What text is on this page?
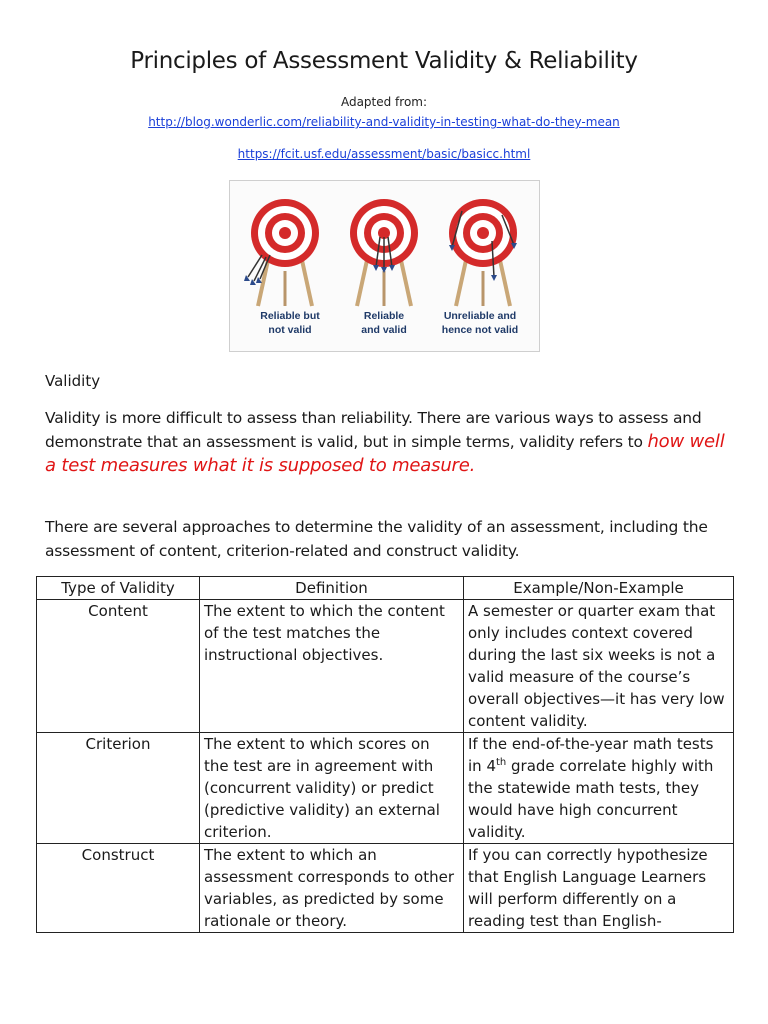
Principles of Assessment Validity & Reliability
Adapted from:
http://blog.wonderlic.com/reliability-and-validity-in-testing-what-do-they-mean
https://fcit.usf.edu/assessment/basic/basicc.html
Reliable but
not valid
Reliable
and valid
Unreliable and
hence not valid
Validity
Validity is more difficult to assess than reliability. There are various ways to assess and demonstrate that an assessment is valid, but in simple terms, validity refers to how well a test measures what it is supposed to measure.
There are several approaches to determine the validity of an assessment, including the assessment of content, criterion-related and construct validity.
Type of Validity	Definition	Example/Non-Example
Content	The extent to which the content of the test matches the instructional objectives.	A semester or quarter exam that only includes context covered during the last six weeks is not a valid measure of the course’s overall objectives—it has very low content validity.
Criterion	The extent to which scores on the test are in agreement with (concurrent validity) or predict (predictive validity) an external criterion.	If the end-of-the-year math tests in 4th grade correlate highly with the statewide math tests, they would have high concurrent validity.
Construct	The extent to which an assessment corresponds to other variables, as predicted by some rationale or theory.	If you can correctly hypothesize that English Language Learners will perform differently on a reading test than English-
